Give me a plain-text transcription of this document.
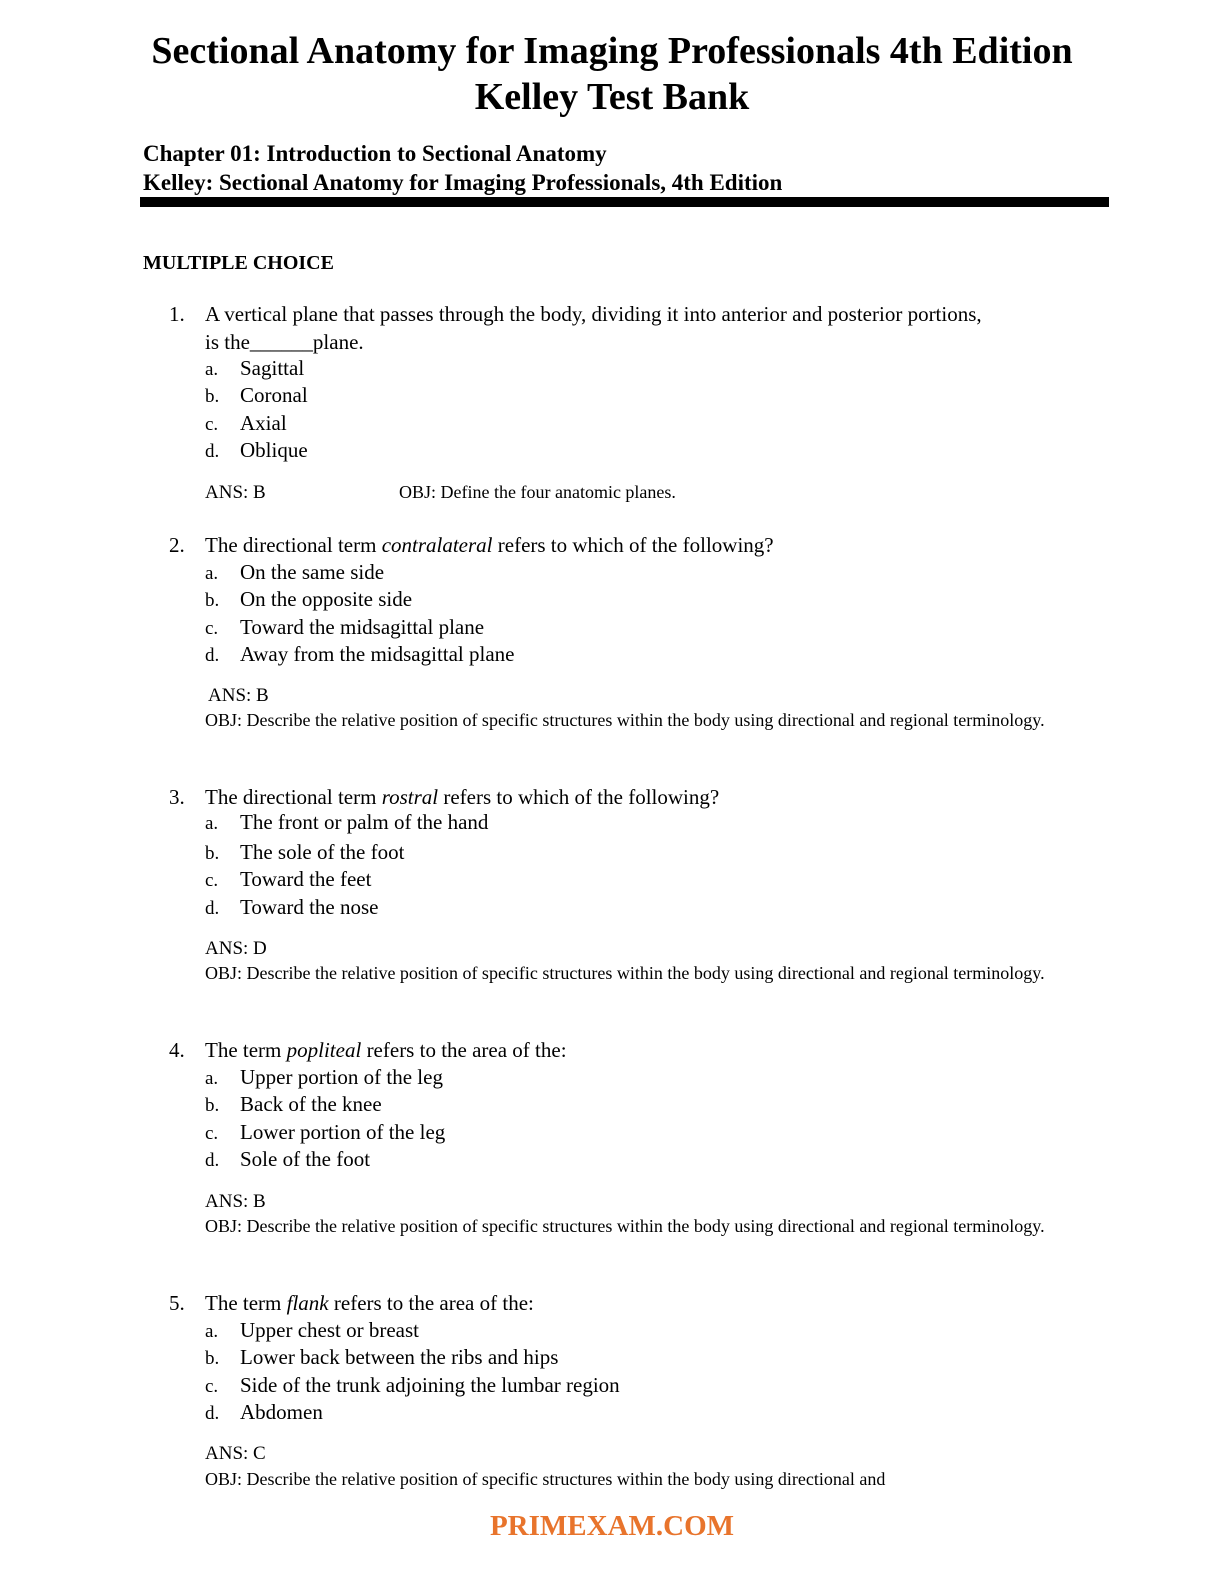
Sectional Anatomy for Imaging Professionals 4th Edition
Kelley Test Bank
Chapter 01: Introduction to Sectional Anatomy
Kelley: Sectional Anatomy for Imaging Professionals, 4th Edition
MULTIPLE CHOICE
1. A vertical plane that passes through the body, dividing it into anterior and posterior portions,
is the______plane.
a. Sagittal
b. Coronal
c. Axial
d. Oblique
ANS: B	OBJ: Define the four anatomic planes.
2. The directional term contralateral refers to which of the following?
a. On the same side
b. On the opposite side
c. Toward the midsagittal plane
d. Away from the midsagittal plane
ANS: B
OBJ: Describe the relative position of specific structures within the body using directional and regional terminology.
3. The directional term rostral refers to which of the following?
a. The front or palm of the hand
b. The sole of the foot
c. Toward the feet
d. Toward the nose
ANS: D
OBJ: Describe the relative position of specific structures within the body using directional and regional terminology.
4. The term popliteal refers to the area of the:
a. Upper portion of the leg
b. Back of the knee
c. Lower portion of the leg
d. Sole of the foot
ANS: B
OBJ: Describe the relative position of specific structures within the body using directional and regional terminology.
5. The term flank refers to the area of the:
a. Upper chest or breast
b. Lower back between the ribs and hips
c. Side of the trunk adjoining the lumbar region
d. Abdomen
ANS: C
OBJ: Describe the relative position of specific structures within the body using directional and
PRIMEXAM.COM
